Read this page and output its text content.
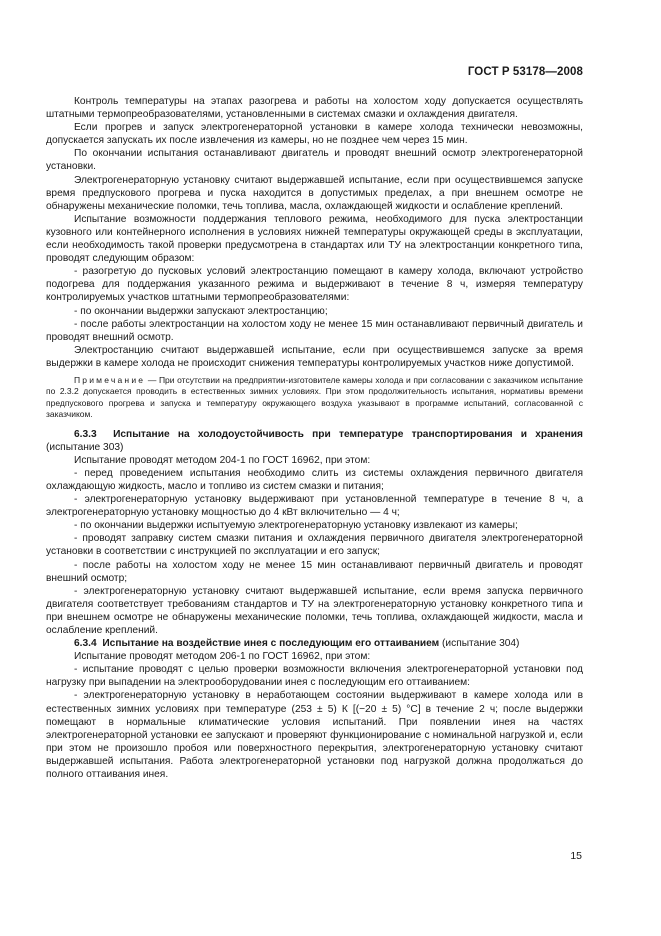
ГОСТ Р 53178—2008

Контроль температуры на этапах разогрева и работы на холостом ходу допускается осуществлять штатными термопреобразователями, установленными в системах смазки и охлаждения двигателя.

Если прогрев и запуск электрогенераторной установки в камере холода технически невозможны, допускается запускать их после извлечения из камеры, но не позднее чем через 15 мин.

По окончании испытания останавливают двигатель и проводят внешний осмотр электрогенераторной установки.

Электрогенераторную установку считают выдержавшей испытание, если при осуществившемся запуске время предпускового прогрева и пуска находится в допустимых пределах, а при внешнем осмотре не обнаружены механические поломки, течь топлива, масла, охлаждающей жидкости и ослабление креплений.

Испытание возможности поддержания теплового режима, необходимого для пуска электростанции кузовного или контейнерного исполнения в условиях нижней температуры окружающей среды в эксплуатации, если необходимость такой проверки предусмотрена в стандартах или ТУ на электростанции конкретного типа, проводят следующим образом:

- разогретую до пусковых условий электростанцию помещают в камеру холода, включают устройство подогрева для поддержания указанного режима и выдерживают в течение 8 ч, измеряя температуру контролируемых участков штатными термопреобразователями:

- по окончании выдержки запускают электростанцию;

- после работы электростанции на холостом ходу не менее 15 мин останавливают первичный двигатель и проводят внешний осмотр.

Электростанцию считают выдержавшей испытание, если при осуществившемся запуске за время выдержки в камере холода не происходит снижения температуры контролируемых участков ниже допустимой.

Примечание — При отсутствии на предприятии-изготовителе камеры холода и при согласовании с заказчиком испытание по 2.3.2 допускается проводить в естественных зимних условиях. При этом продолжительность испытания, нормативы времени предпускового прогрева и запуска и температуру окружающего воздуха указывают в программе испытаний, согласованной с заказчиком.

6.3.3 Испытание на холодоустойчивость при температуре транспортирования и хранения (испытание 303)

Испытание проводят методом 204-1 по ГОСТ 16962, при этом:

- перед проведением испытания необходимо слить из системы охлаждения первичного двигателя охлаждающую жидкость, масло и топливо из систем смазки и питания;

- электрогенераторную установку выдерживают при установленной температуре в течение 8 ч, а электрогенераторную установку мощностью до 4 кВт включительно — 4 ч;

- по окончании выдержки испытуемую электрогенераторную установку извлекают из камеры;

- проводят заправку систем смазки питания и охлаждения первичного двигателя электрогенераторной установки в соответствии с инструкцией по эксплуатации и его запуск;

- после работы на холостом ходу не менее 15 мин останавливают первичный двигатель и проводят внешний осмотр;

- электрогенераторную установку считают выдержавшей испытание, если время запуска первичного двигателя соответствует требованиям стандартов и ТУ на электрогенераторную установку конкретного типа и при внешнем осмотре не обнаружены механические поломки, течь топлива, охлаждающей жидкости, масла и ослабление креплений.

6.3.4 Испытание на воздействие инея с последующим его оттаиванием (испытание 304)

Испытание проводят методом 206-1 по ГОСТ 16962, при этом:

- испытание проводят с целью проверки возможности включения электрогенераторной установки под нагрузку при выпадении на электрооборудовании инея с последующим его оттаиванием:

- электрогенераторную установку в неработающем состоянии выдерживают в камере холода или в естественных зимних условиях при температуре (253 ± 5) К [(−20 ± 5) °С] в течение 2 ч; после выдержки помещают в нормальные климатические условия испытаний. При появлении инея на частях электрогенераторной установки ее запускают и проверяют функционирование с номинальной нагрузкой и, если при этом не произошло пробоя или поверхностного перекрытия, электрогенераторную установку считают выдержавшей испытания. Работа электрогенераторной установки под нагрузкой должна продолжаться до полного оттаивания инея.

15
